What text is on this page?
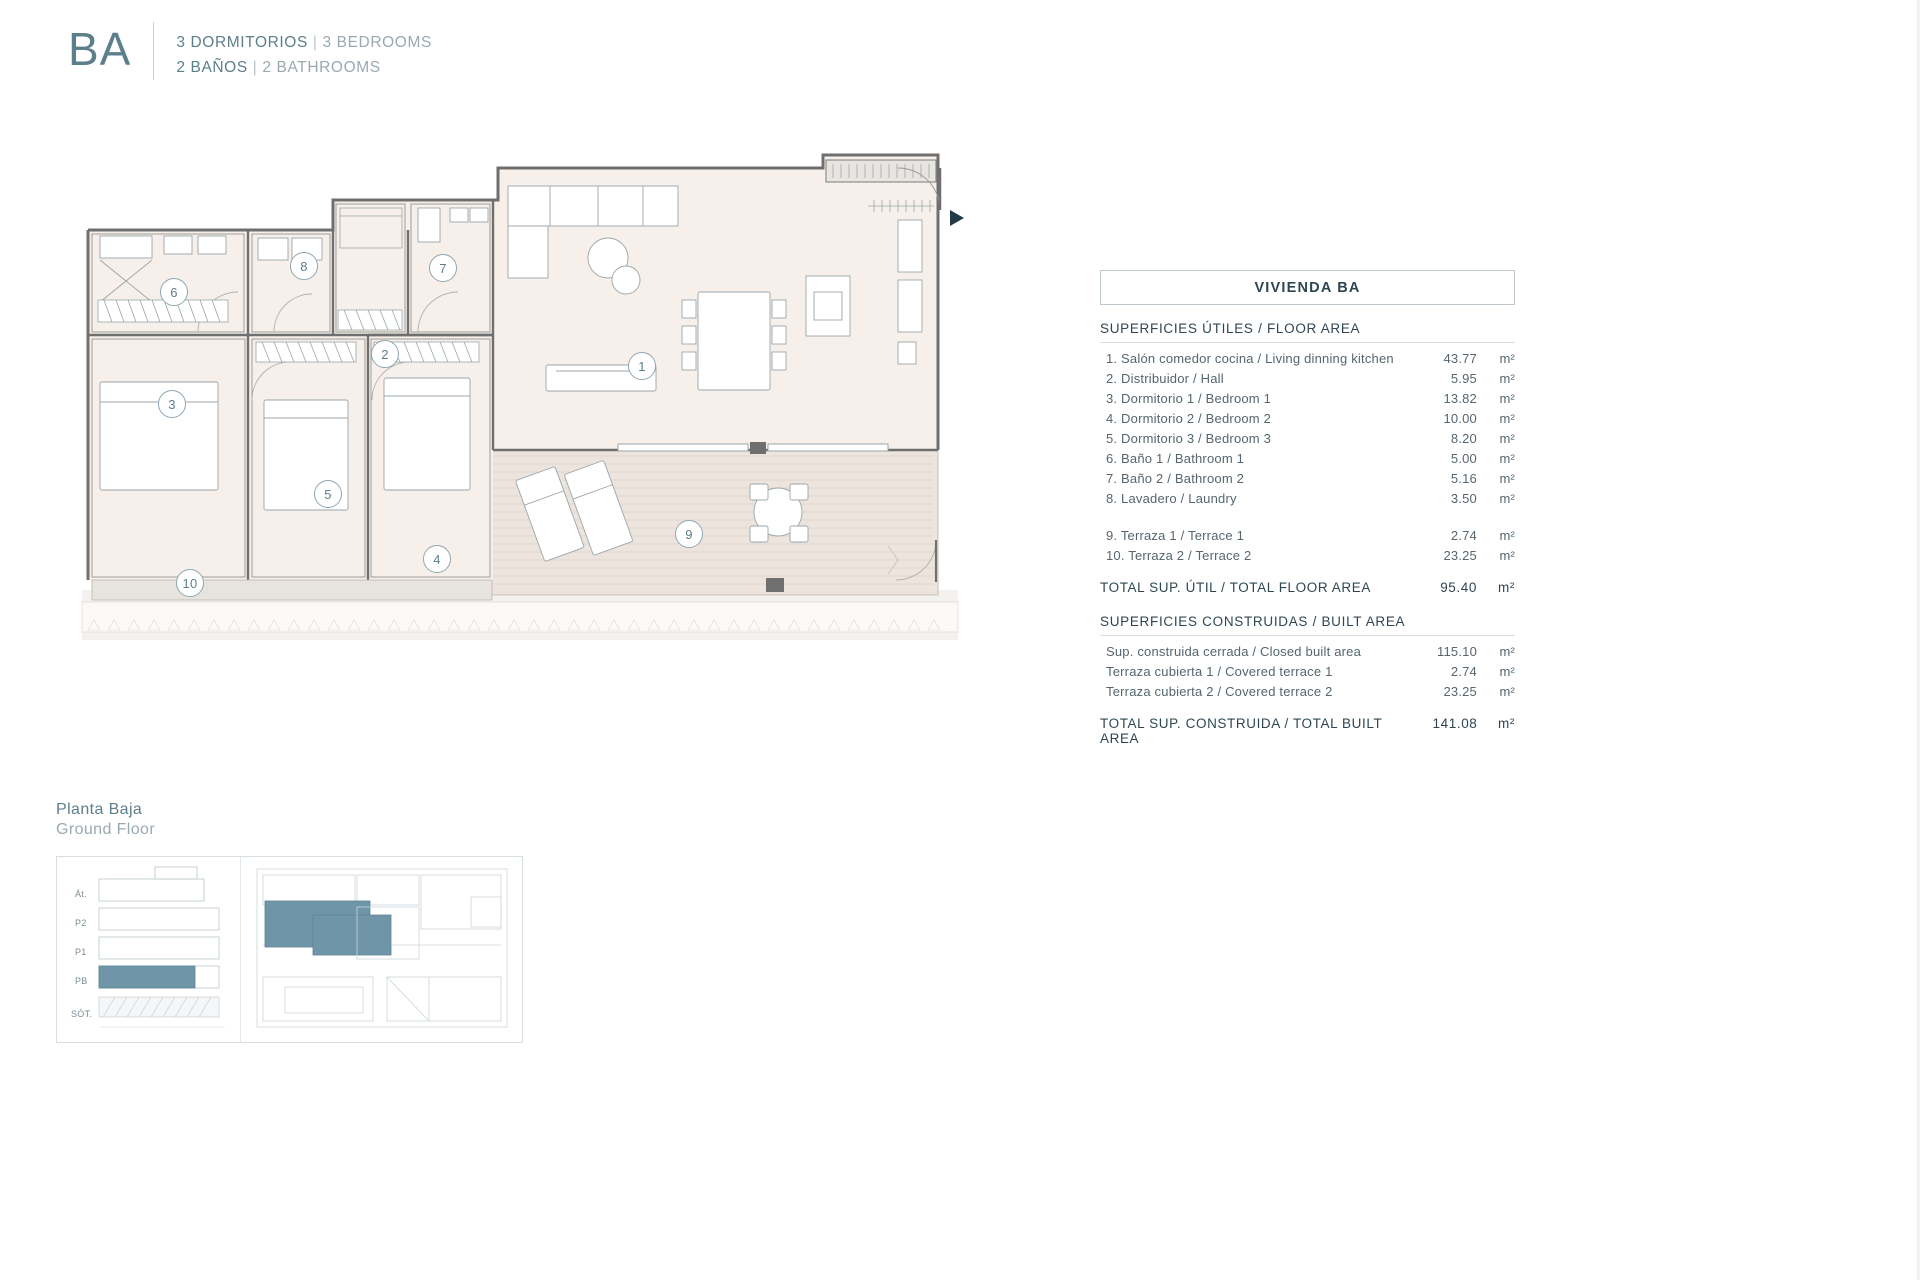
BA	3 DORMITORIOS | 3 BEDROOMS
2 BAÑOS | 2 BATHROOMS
1
2
3
4
5
6
7
8
9
10
VIVIENDA BA
SUPERFICIES ÚTILES / FLOOR AREA
1. Salón comedor cocina / Living dinning kitchen	43.77	m²
2. Distribuidor / Hall	5.95	m²
3. Dormitorio 1 / Bedroom 1	13.82	m²
4. Dormitorio 2 / Bedroom 2	10.00	m²
5. Dormitorio 3 / Bedroom 3	8.20	m²
6. Baño 1 / Bathroom 1	5.00	m²
7. Baño 2 / Bathroom 2	5.16	m²
8. Lavadero / Laundry	3.50	m²
9. Terraza 1 / Terrace 1	2.74	m²
10. Terraza 2 / Terrace 2	23.25	m²
TOTAL SUP. ÚTIL / TOTAL FLOOR AREA	95.40	m²
SUPERFICIES CONSTRUIDAS / BUILT AREA
Sup. construida cerrada / Closed built area	115.10	m²
Terraza cubierta 1 / Covered terrace 1	2.74	m²
Terraza cubierta 2 / Covered terrace 2	23.25	m²
TOTAL SUP. CONSTRUIDA / TOTAL BUILT AREA
141.08	m²
Planta Baja
Ground Floor
Át.
P2
P1
PB
SÓT.
